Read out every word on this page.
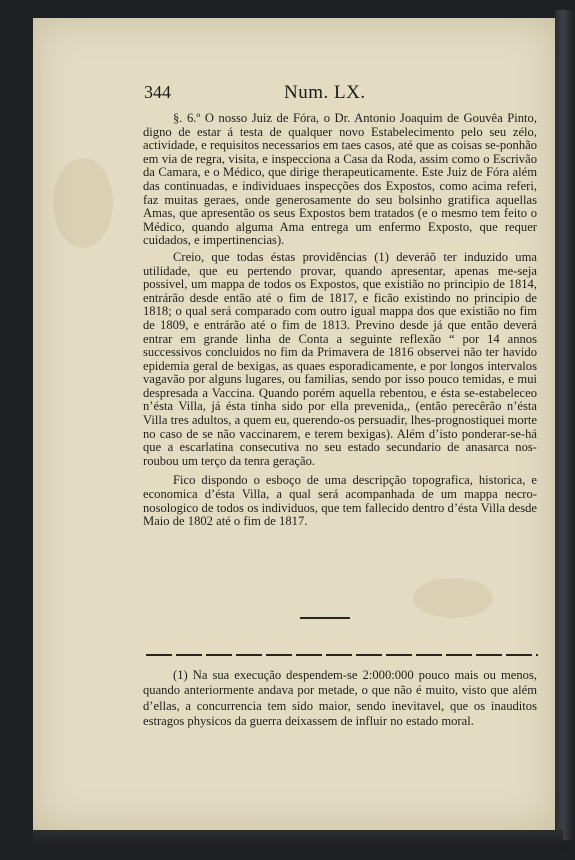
344	Num. LX.

§. 6.º O nosso Juiz de Fóra, o Dr. Antonio Joaquim de Gouvêa Pinto, digno de estar á testa de qualquer novo Estabelecimento pelo seu zélo, actividade, e requisitos necessarios em taes casos, até que as coisas se-ponhão em via de regra, visita, e inspecciona a Casa da Roda, assim como o Escrivão da Camara, e o Médico, que dirige therapeuticamente. Este Juiz de Fóra além das continuadas, e individuaes inspecções dos Expostos, como acima referi, faz muitas geraes, onde generosamente do seu bolsinho gratifica aquellas Amas, que apresentão os seus Expostos bem tratados (e o mesmo tem feito o Médico, quando alguma Ama entrega um enfermo Exposto, que requer cuidados, e impertinencias).

Creio, que todas éstas providências (1) deveráõ ter induzido uma utilidade, que eu pertendo provar, quando apresentar, apenas me-seja possivel, um mappa de todos os Expostos, que existião no principio de 1814, entrárão desde então até o fim de 1817, e ficão existindo no principio de 1818; o qual será comparado com outro igual mappa dos que existião no fim de 1809, e entrárão até o fim de 1813. Previno desde já que então deverá entrar em grande linha de Conta a seguinte reflexão “ por 14 annos successivos concluidos no fim da Primavera de 1816 observei não ter havido epidemia geral de bexigas, as quaes esporadicamente, e por longos intervalos vagavão por alguns lugares, ou familias, sendo por isso pouco temidas, e mui despresada a Vaccina. Quando porém aquella rebentou, e ésta se-estabeleceo n’ésta Villa, já ésta tinha sido por ella prevenida,, (então perecêrão n’ésta Villa tres adultos, a quem eu, querendo-os persuadir, lhes-prognostiquei morte no caso de se não vaccinarem, e terem bexigas). Além d’isto ponderar-se-há que a escarlatina consecutiva no seu estado secundario de anasarca nos-roubou um terço da tenra geração.

Fico dispondo o esboço de uma descripção topografica, historica, e economica d’ésta Villa, a qual será acompanhada de um mappa necro-nosologico de todos os individuos, que tem fallecido dentro d’ésta Villa desde Maio de 1802 até o fim de 1817.

(1) Na sua execução despendem-se 2:000:000 pouco mais ou menos, quando anteriormente andava por metade, o que não é muito, visto que além d’ellas, a concurrencia tem sido maior, sendo inevitavel, que os inauditos estragos physicos da guerra deixassem de influir no estado moral.
